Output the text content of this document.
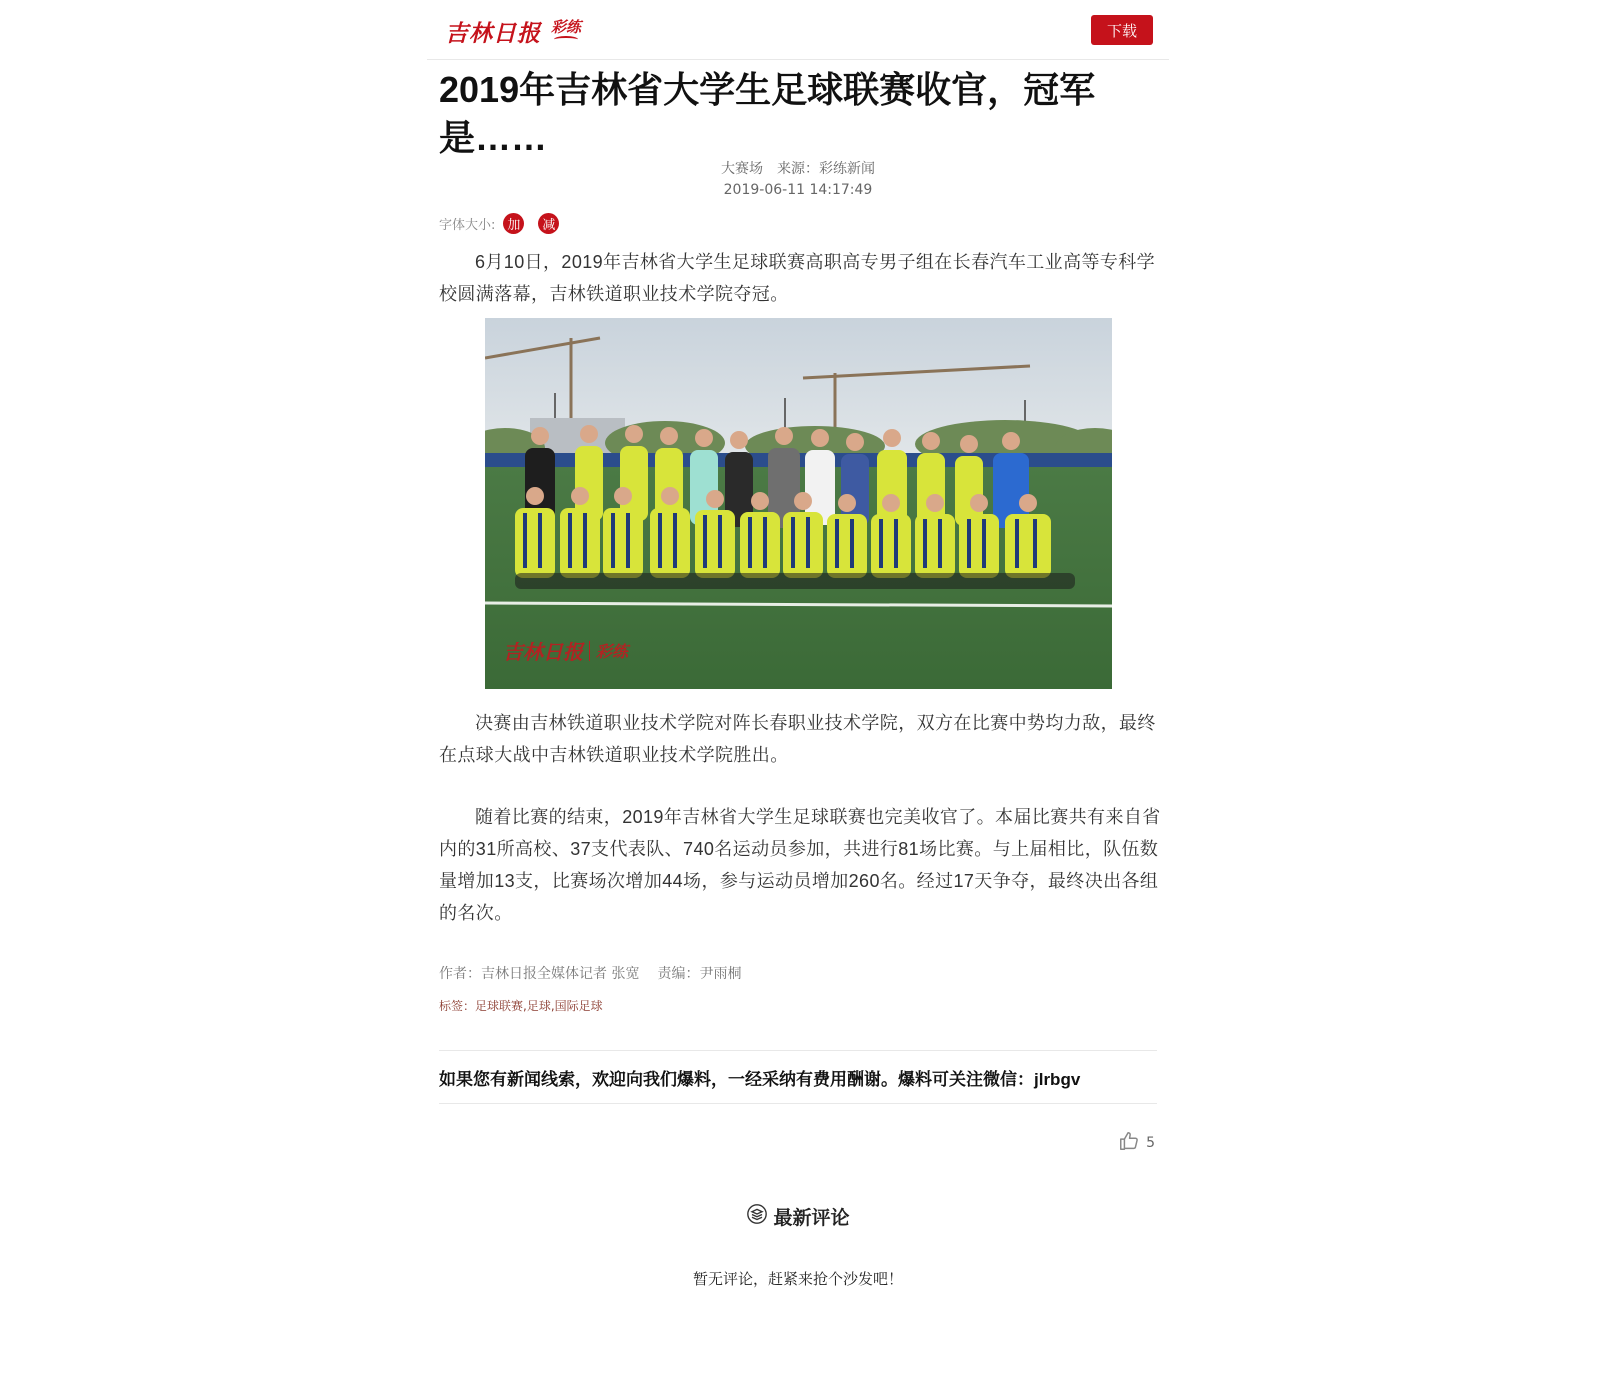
吉林日报 彩练	下载
2019年吉林省大学生足球联赛收官，冠军是……
大赛场 来源：彩练新闻
2019-06-11 14:17:49
字体大小: 加	减

6月10日，2019年吉林省大学生足球联赛高职高专男子组在长春汽车工业高等专科学校圆满落幕，吉林铁道职业技术学院夺冠。

吉林日报 彩练

决赛由吉林铁道职业技术学院对阵长春职业技术学院，双方在比赛中势均力敌，最终在点球大战中吉林铁道职业技术学院胜出。

随着比赛的结束，2019年吉林省大学生足球联赛也完美收官了。本届比赛共有来自省内的31所高校、37支代表队、740名运动员参加，共进行81场比赛。与上届相比，队伍数量增加13支，比赛场次增加44场，参与运动员增加260名。经过17天争夺，最终决出各组的名次。

作者：吉林日报全媒体记者 张宽 责编：尹雨桐
标签：足球联赛,足球,国际足球
如果您有新闻线索，欢迎向我们爆料，一经采纳有费用酬谢。爆料可关注微信：jlrbgv
5
最新评论
暂无评论，赶紧来抢个沙发吧！
